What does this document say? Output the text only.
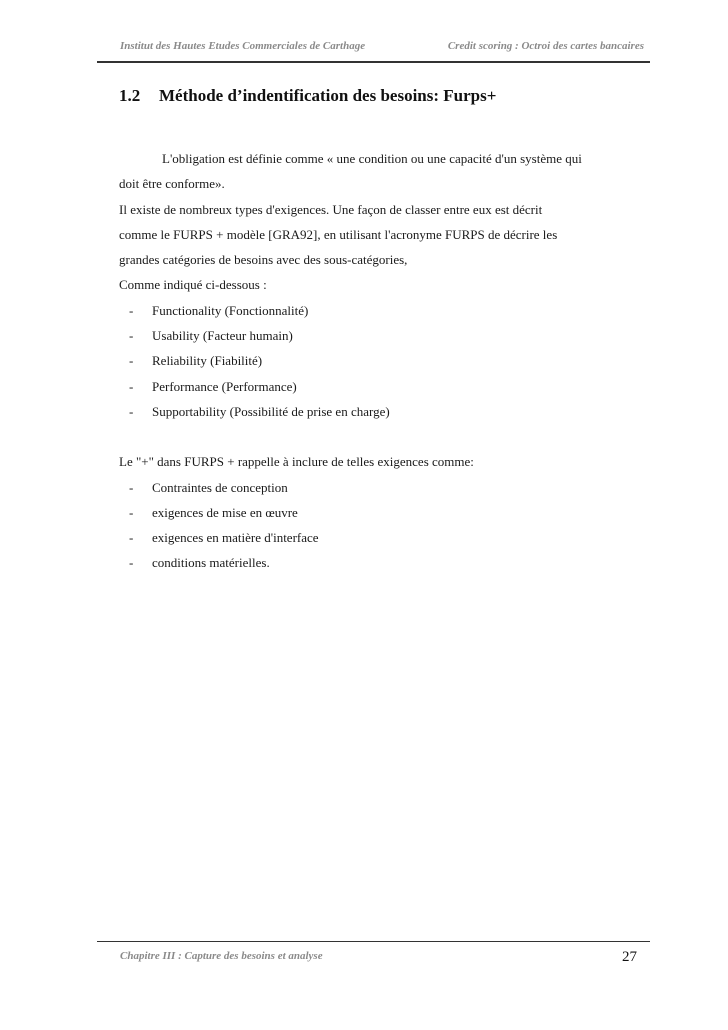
Institut des Hautes Etudes Commerciales de Carthage	Credit scoring : Octroi des cartes bancaires
1.2 Méthode d’indentification des besoins: Furps+

L'obligation est définie comme « une condition ou une capacité d'un système qui

doit être conforme».

Il existe de nombreux types d'exigences. Une façon de classer entre eux est décrit

comme le FURPS + modèle [GRA92], en utilisant l'acronyme FURPS de décrire les

grandes catégories de besoins avec des sous-catégories,

Comme indiqué ci-dessous :

- Functionality (Fonctionnalité)
- Usability (Facteur humain)
- Reliability (Fiabilité)
- Performance (Performance)
- Supportability (Possibilité de prise en charge)

Le "+" dans FURPS + rappelle à inclure de telles exigences comme:

- Contraintes de conception
- exigences de mise en œuvre
- exigences en matière d'interface
- conditions matérielles.
Chapitre III : Capture des besoins et analyse	27
